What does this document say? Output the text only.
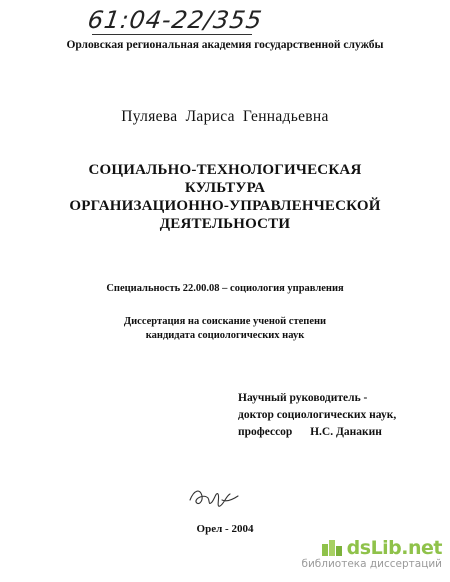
61:04-22/355
Орловская региональная академия государственной службы
Пуляева Лариса Геннадьевна
СОЦИАЛЬНО-ТЕХНОЛОГИЧЕСКАЯ
КУЛЬТУРА
ОРГАНИЗАЦИОННО-УПРАВЛЕНЧЕСКОЙ
ДЕЯТЕЛЬНОСТИ
Специальность 22.00.08 – социология управления
Диссертация на соискание ученой степени
кандидата социологических наук
Научный руководитель -
доктор социологических наук,
профессор Н.С. Данакин
Орел - 2004
dsLib.net
библиотека диссертаций
